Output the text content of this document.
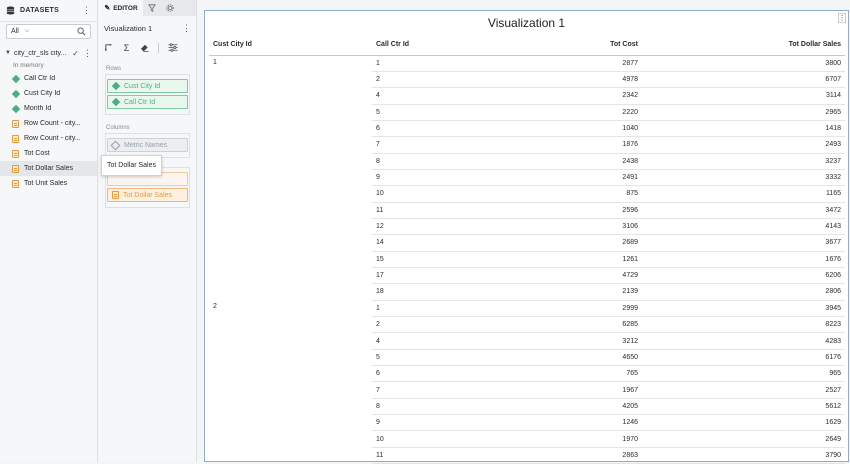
DATASETS	⋮
All ⌵
▼ city_ctr_sls city... ✓ ⋮
In memory
Call Ctr Id
Cust City Id
Month Id
Row Count - city...
Row Count - city...
Tot Cost
Tot Dollar Sales
Tot Unit Sales
Tot Dollar Sales
✎ EDITOR
Visualization 1	⋮
Σ
Rows
Cust City Id
Call Ctr Id
Columns
Metric Names
Tot Dollar Sales
⋮
Visualization 1
Cust City Id	Call Ctr Id	Tot Cost	Tot Dollar Sales
1	1	2877	3800
	2	4978	6707
	4	2342	3114
	5	2220	2965
	6	1040	1418
	7	1876	2493
	8	2438	3237
	9	2491	3332
	10	875	1165
	11	2596	3472
	12	3106	4143
	14	2689	3677
	15	1261	1676
	17	4729	6206
	18	2139	2806
2	1	2999	3945
	2	6285	8223
	4	3212	4283
	5	4650	6176
	6	765	965
	7	1967	2527
	8	4205	5612
	9	1246	1629
	10	1970	2649
	11	2863	3790
